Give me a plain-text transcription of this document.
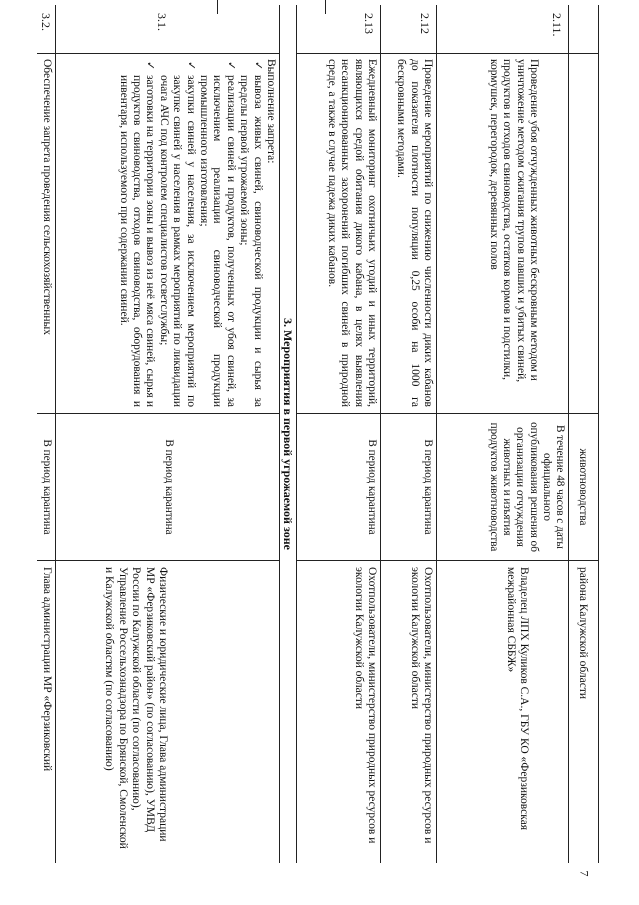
7
животноводства
района Калужской области
2.11.
Проведение убоя отчужденных животных бескровным методом и уничтожение методом сжигания трупов павших и убитых свиней, продуктов и отходов свиноводства, остатков кормов и подстилки, кормушек, перегородок, деревянных полов
В течение 48 часов с даты официального опубликования решения об организации отчуждения животных и изъятия продуктов животноводства
Владелец ЛПХ Куликов С.А., ГБУ КО «Ферзиковская межрайонная СББЖ»
2.12
Проведение мероприятий по снижению численности диких кабанов до показателя плотности популяции 0,25 особи на 1000 га бескровными методами.
В период карантина
Охотпользователи, министерство природных ресурсов и экологии Калужской области
2.13
Ежедневный мониторинг охотничьих угодий и иных территорий, являющихся средой обитания дикого кабана, в целях выявления несанкционированных захоронений погибших свиней в природной среде, а также в случае падежа диких кабанов.
В период карантина
Охотпользователи, министерство природных ресурсов и экологии Калужской области
3. Мероприятия в первой угрожаемой зоне
3.1.
Выполнение запрета:
✓
вывоза живых свиней, свиноводческой продукции и сырья за пределы первой угрожаемой зоны;
✓
реализации свиней и продуктов, полученных от убоя свиней, за исключением реализации свиноводческой продукции промышленного изготовления;
✓
закупки свиней у населения, за исключением мероприятий по закупке свиней у населения в рамках мероприятий по ликвидации очага АЧС под контролем специалистов госветслужбы;
✓
заготовки на территории зоны и вывоз из неё мяса свиней, сырья и продуктов свиноводства, отходов свиноводства, оборудования и инвентаря, используемого при содержании свиней.
В период карантина
Физические и юридические лица, Глава администрации МР «Ферзиковский район» (по согласованию), УМВД России по Калужской области (по согласованию), Управление Россельхознадзора по Брянской, Смоленской и Калужской областям (по согласованию)
3.2.
Обеспечение запрета проведения сельскохозяйственных
В период карантина
Глава администрации МР «Ферзиковский
